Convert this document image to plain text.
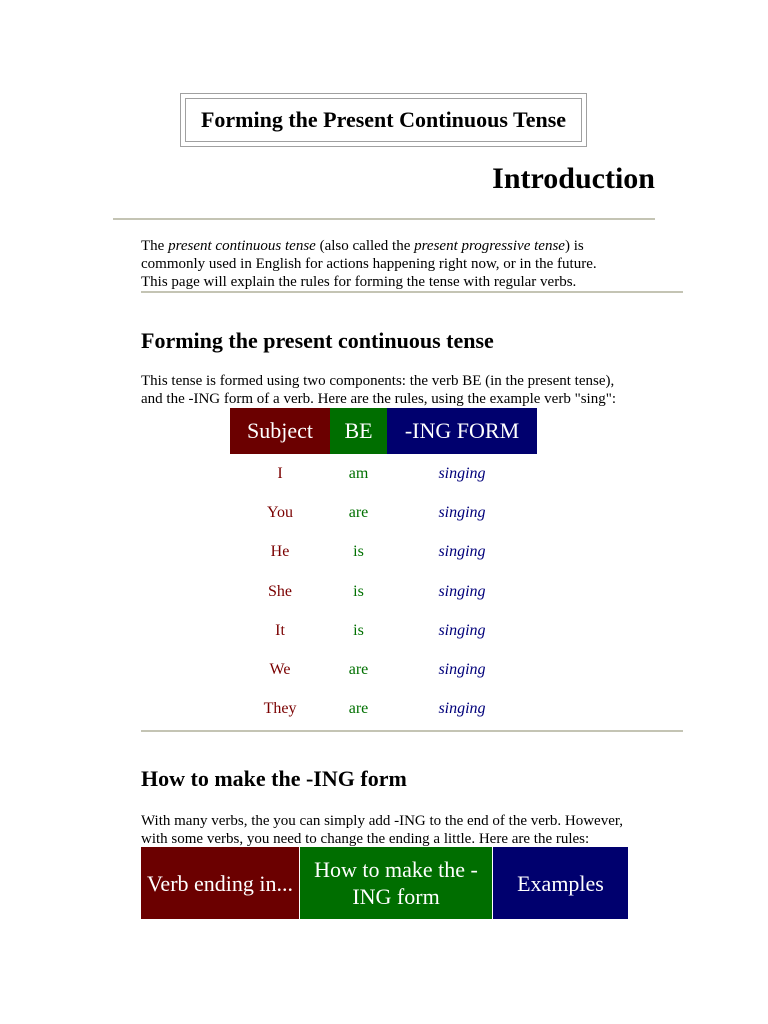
Forming the Present Continuous Tense
Introduction
The present continuous tense (also called the present progressive tense) is
commonly used in English for actions happening right now, or in the future.
This page will explain the rules for forming the tense with regular verbs.
Forming the present continuous tense
This tense is formed using two components: the verb BE (in the present tense),
and the -ING form of a verb. Here are the rules, using the example verb "sing":
Subject	BE	-ING FORM
I	am	singing
You	are	singing
He	is	singing
She	is	singing
It	is	singing
We	are	singing
They	are	singing
How to make the -ING form
With many verbs, the you can simply add -ING to the end of the verb. However,
with some verbs, you need to change the ending a little. Here are the rules:
Verb ending in...	How to make the -ING form	Examples
